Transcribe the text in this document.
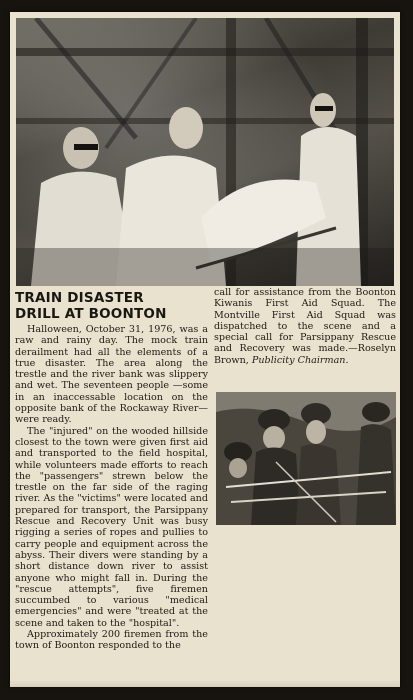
TRAIN DISASTER
DRILL AT BOONTON

Halloween, October 31, 1976, was a raw and rainy day. The mock train derailment had all the elements of a true disaster. The area along the trestle and the river bank was slippery and wet. The seventeen people —some in an inaccessable location on the opposite bank of the Rockaway River—were ready.

The "injured" on the wooded hillside closest to the town were given first aid and transported to the field hospital, while volunteers made efforts to reach the "passengers" strewn below the trestle on the far side of the raging river. As the "victims" were located and prepared for transport, the Parsippany Rescue and Recovery Unit was busy rigging a series of ropes and pullies to carry people and equipment across the abyss. Their divers were standing by a short distance down river to assist anyone who might fall in. During the "rescue attempts", five firemen succumbed to various "medical emergencies" and were "treated at the scene and taken to the "hospital".

Approximately 200 firemen from the town of Boonton responded to the

call for assistance from the Boonton Kiwanis First Aid Squad. The Montville First Aid Squad was dispatched to the scene and a special call for Parsippany Rescue and Recovery was made.—Roselyn Brown, Publicity Chairman.
